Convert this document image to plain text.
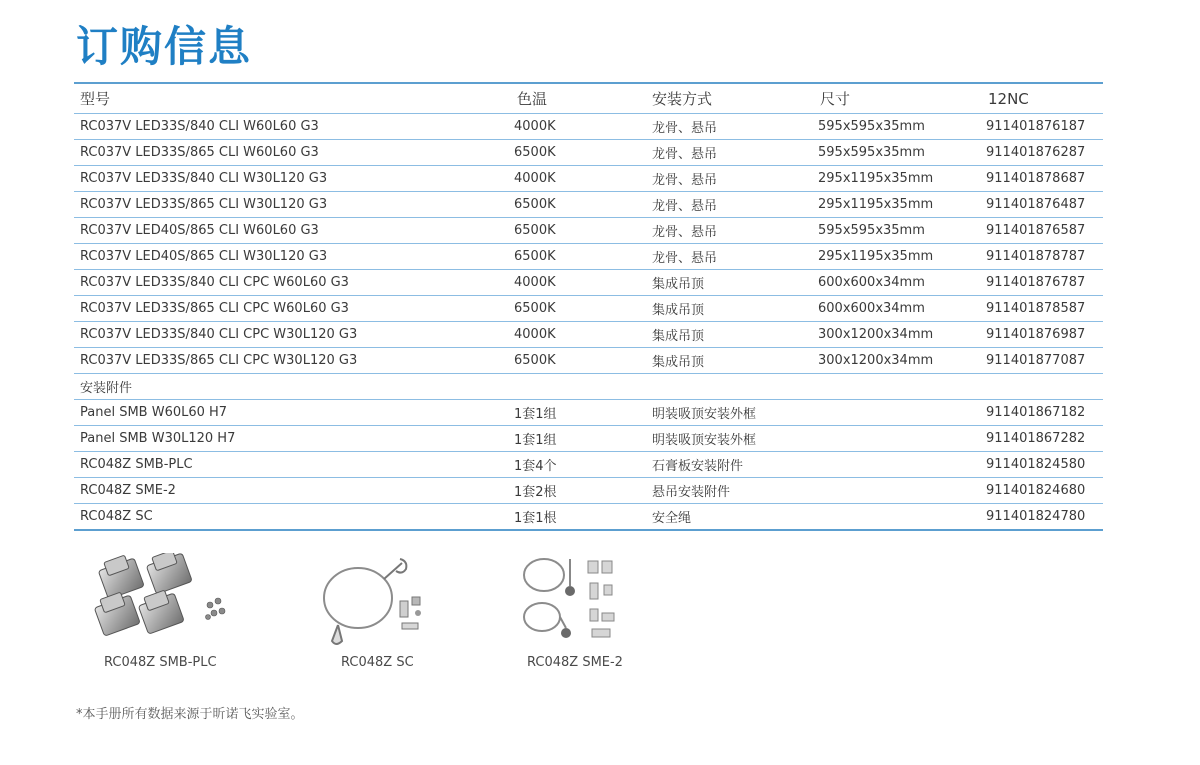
订购信息
型号	色温	安装方式	尺寸	12NC
RC037V LED33S/840 CLI W60L60 G3	4000K	龙骨、悬吊	595x595x35mm	911401876187
RC037V LED33S/865 CLI W60L60 G3	6500K	龙骨、悬吊	595x595x35mm	911401876287
RC037V LED33S/840 CLI W30L120 G3	4000K	龙骨、悬吊	295x1195x35mm	911401878687
RC037V LED33S/865 CLI W30L120 G3	6500K	龙骨、悬吊	295x1195x35mm	911401876487
RC037V LED40S/865 CLI W60L60 G3	6500K	龙骨、悬吊	595x595x35mm	911401876587
RC037V LED40S/865 CLI W30L120 G3	6500K	龙骨、悬吊	295x1195x35mm	911401878787
RC037V LED33S/840 CLI CPC W60L60 G3	4000K	集成吊顶	600x600x34mm	911401876787
RC037V LED33S/865 CLI CPC W60L60 G3	6500K	集成吊顶	600x600x34mm	911401878587
RC037V LED33S/840 CLI CPC W30L120 G3	4000K	集成吊顶	300x1200x34mm	911401876987
RC037V LED33S/865 CLI CPC W30L120 G3	6500K	集成吊顶	300x1200x34mm	911401877087
安装附件
Panel SMB W60L60 H7	1套1组	明装吸顶安装外框	911401867182
Panel SMB W30L120 H7	1套1组	明装吸顶安装外框	911401867282
RC048Z SMB-PLC	1套4个	石膏板安装附件	911401824580
RC048Z SME-2	1套2根	悬吊安装附件	911401824680
RC048Z SC	1套1根	安全绳	911401824780
RC048Z SMB-PLC	RC048Z SC	RC048Z SME-2
*本手册所有数据来源于昕诺飞实验室。
